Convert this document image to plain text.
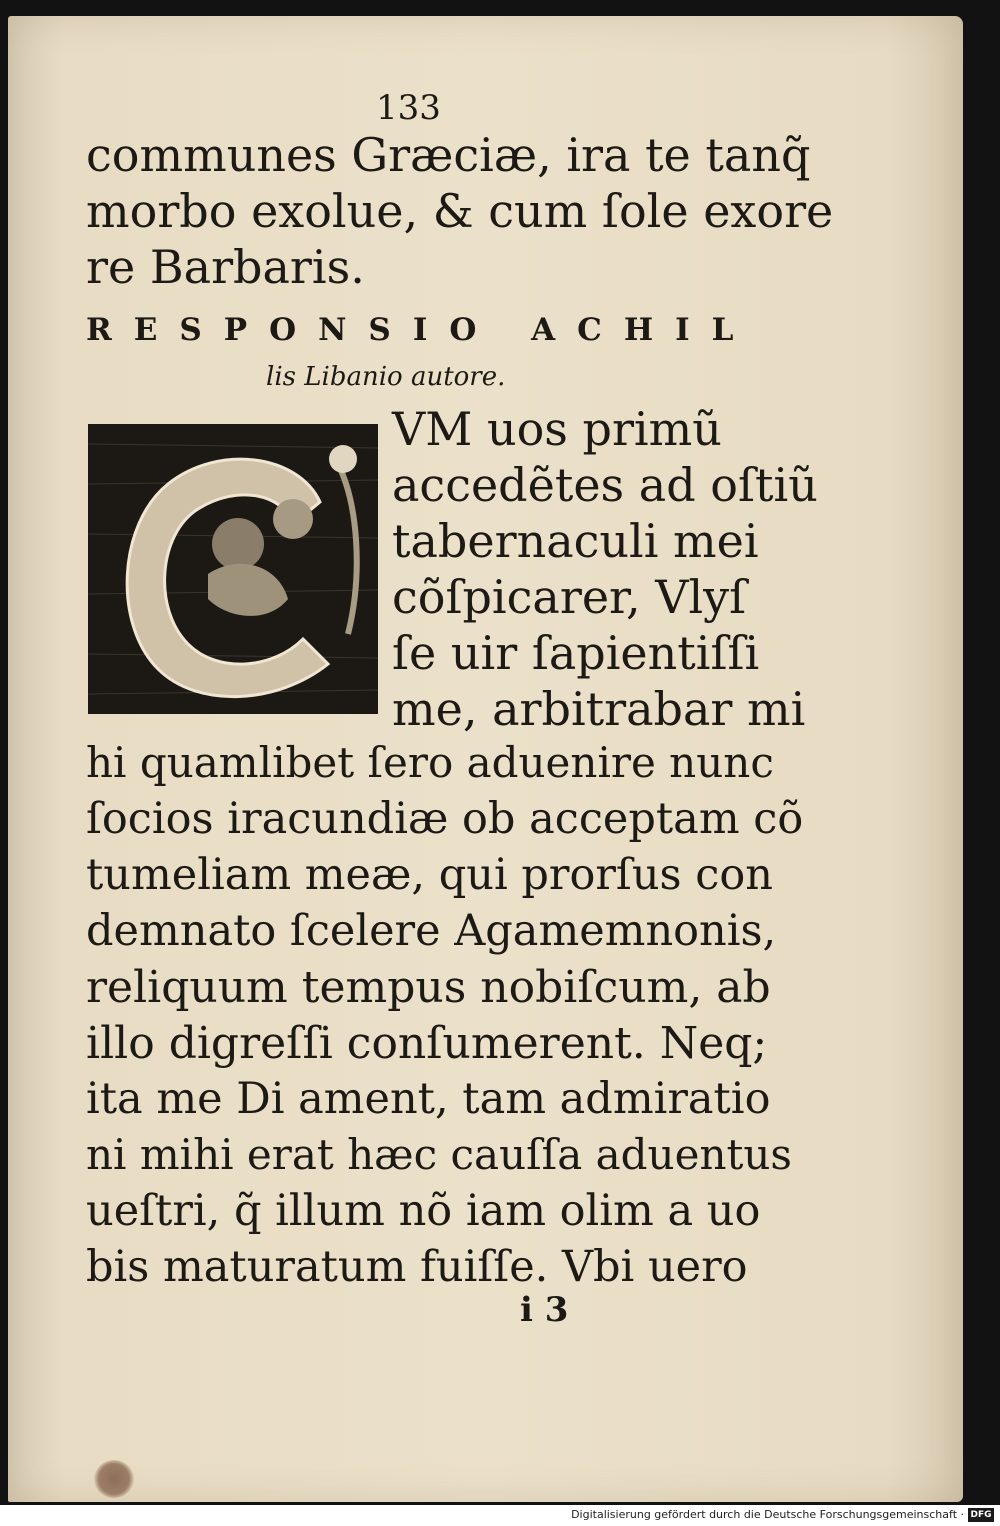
133
communes Græciæ, ira te tanq̃
morbo exolue, & cum ſole exore
re Barbaris.
RESPONSIO ACHIL
lis Libanio autore.
VM uos primũ
accedẽtes ad oſtiũ
tabernaculi mei
cõſpicarer, Vlyſ
ſe uir ſapientiſſi
me, arbitrabar mi
hi quamlibet ſero aduenire nunc
ſocios iracundiæ ob acceptam cõ
tumeliam meæ, qui prorſus con
demnato ſcelere Agamemnonis,
reliquum tempus nobiſcum, ab
illo digreſſi conſumerent. Neq;
ita me Di ament, tam admiratio
ni mihi erat hæc cauſſa aduentus
ueſtri, q̃ illum nõ iam olim a uo
bis maturatum fuiſſe. Vbi uero
i 3
Digitalisierung gefördert durch die Deutsche Forschungsgemeinschaft · DFG
